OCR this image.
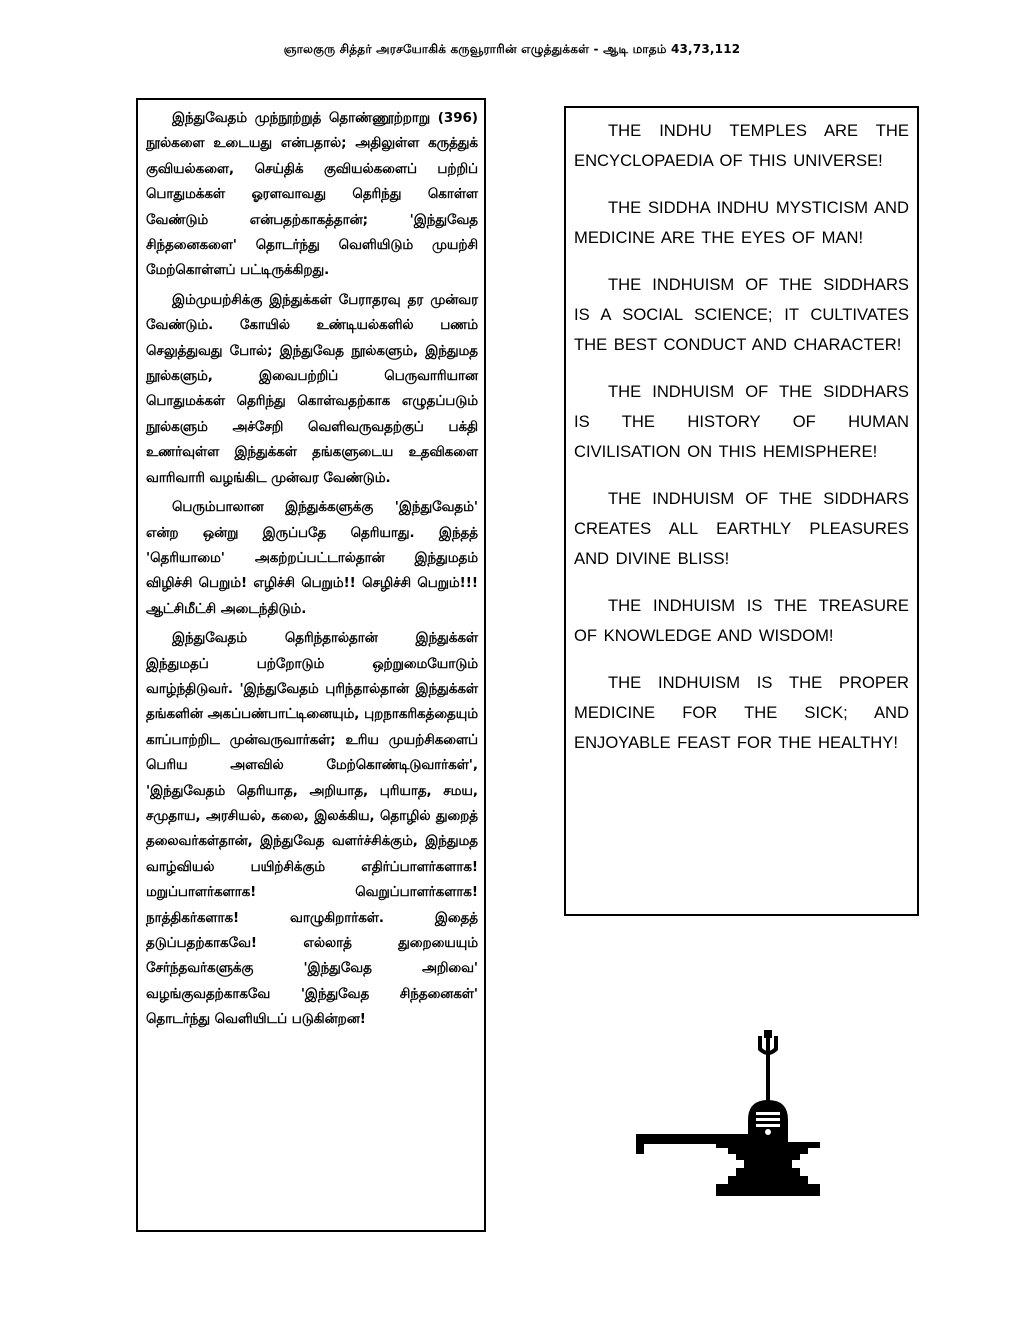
ஞாலகுரு சித்தர் அரசயோகிக் கருவூராரின் எழுத்துக்கள் - ஆடி மாதம் 43,73,112

இந்துவேதம் முந்நூற்றுத் தொண்ணூற்றாறு (396) நூல்களை உடையது என்பதால்; அதிலுள்ள கருத்துக் குவியல்களை, செய்திக் குவியல்களைப் பற்றிப் பொதுமக்கள் ஓரளவாவது தெரிந்து கொள்ள வேண்டும் என்பதற்காகத்தான்; 'இந்துவேத சிந்தனைகளை' தொடர்ந்து வெளியிடும் முயற்சி மேற்கொள்ளப் பட்டிருக்கிறது.

இம்முயற்சிக்கு இந்துக்கள் பேராதரவு தர முன்வர வேண்டும். கோயில் உண்டியல்களில் பணம் செலுத்துவது போல்; இந்துவேத நூல்களும், இந்துமத நூல்களும், இவைபற்றிப் பெருவாரியான பொதுமக்கள் தெரிந்து கொள்வதற்காக எழுதப்படும் நூல்களும் அச்சேறி வெளிவருவதற்குப் பக்தி உணர்வுள்ள இந்துக்கள் தங்களுடைய உதவிகளை வாரிவாரி வழங்கிட முன்வர வேண்டும்.

பெரும்பாலான இந்துக்களுக்கு 'இந்துவேதம்' என்ற ஒன்று இருப்பதே தெரியாது. இந்தத் 'தெரியாமை' அகற்றப்பட்டால்தான் இந்துமதம் விழிச்சி பெறும்! எழிச்சி பெறும்!! செழிச்சி பெறும்!!! ஆட்சிமீட்சி அடைந்திடும்.

இந்துவேதம் தெரிந்தால்தான் இந்துக்கள் இந்துமதப் பற்றோடும் ஒற்றுமையோடும் வாழ்ந்திடுவர். 'இந்துவேதம் புரிந்தால்தான் இந்துக்கள் தங்களின் அகப்பண்பாட்டினையும், புறநாகரிகத்தையும் காப்பாற்றிட முன்வருவார்கள்; உரிய முயற்சிகளைப் பெரிய அளவில் மேற்கொண்டிடுவார்கள்', 'இந்துவேதம் தெரியாத, அறியாத, புரியாத, சமய, சமுதாய, அரசியல், கலை, இலக்கிய, தொழில் துறைத் தலைவர்கள்தான், இந்துவேத வளர்ச்சிக்கும், இந்துமத வாழ்வியல் பயிற்சிக்கும் எதிர்ப்பாளர்களாக! மறுப்பாளர்களாக! வெறுப்பாளர்களாக! நாத்திகர்களாக! வாழுகிறார்கள். இதைத் தடுப்பதற்காகவே! எல்லாத் துறையையும் சேர்ந்தவர்களுக்கு 'இந்துவேத அறிவை' வழங்குவதற்காகவே 'இந்துவேத சிந்தனைகள்' தொடர்ந்து வெளியிடப் படுகின்றன!

THE INDHU TEMPLES ARE THE ENCYCLOPAEDIA OF THIS UNIVERSE!

THE SIDDHA INDHU MYSTICISM AND MEDICINE ARE THE EYES OF MAN!

THE INDHUISM OF THE SIDDHARS IS A SOCIAL SCIENCE; IT CULTIVATES THE BEST CONDUCT AND CHARACTER!

THE INDHUISM OF THE SIDDHARS IS THE HISTORY OF HUMAN CIVILISATION ON THIS HEMISPHERE!

THE INDHUISM OF THE SIDDHARS CREATES ALL EARTHLY PLEASURES AND DIVINE BLISS!

THE INDHUISM IS THE TREASURE OF KNOWLEDGE AND WISDOM!

THE INDHUISM IS THE PROPER MEDICINE FOR THE SICK; AND ENJOYABLE FEAST FOR THE HEALTHY!
